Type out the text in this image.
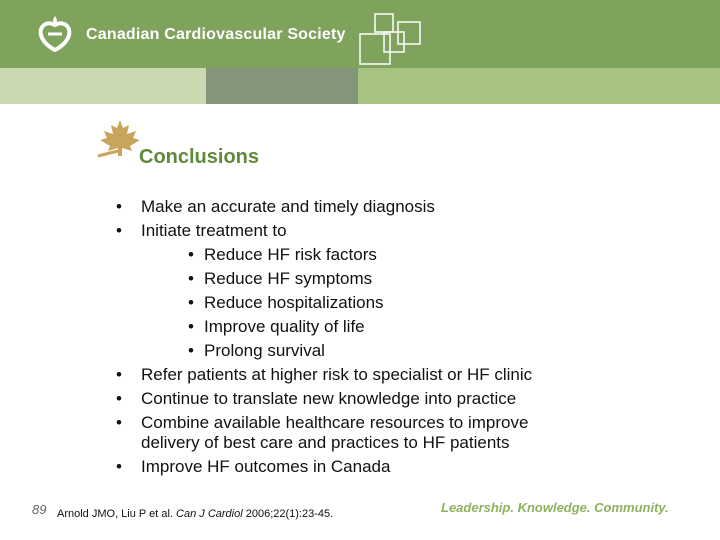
Canadian Cardiovascular Society
Conclusions
• Make an accurate and timely diagnosis
• Initiate treatment to
• Reduce HF risk factors
• Reduce HF symptoms
• Reduce hospitalizations
• Improve quality of life
• Prolong survival
• Refer patients at higher risk to specialist or HF clinic
• Continue to translate new knowledge into practice
• Combine available healthcare resources to improve
delivery of best care and practices to HF patients
• Improve HF outcomes in Canada
89 Arnold JMO, Liu P et al. Can J Cardiol 2006;22(1):23-45.	Leadership. Knowledge. Community.
